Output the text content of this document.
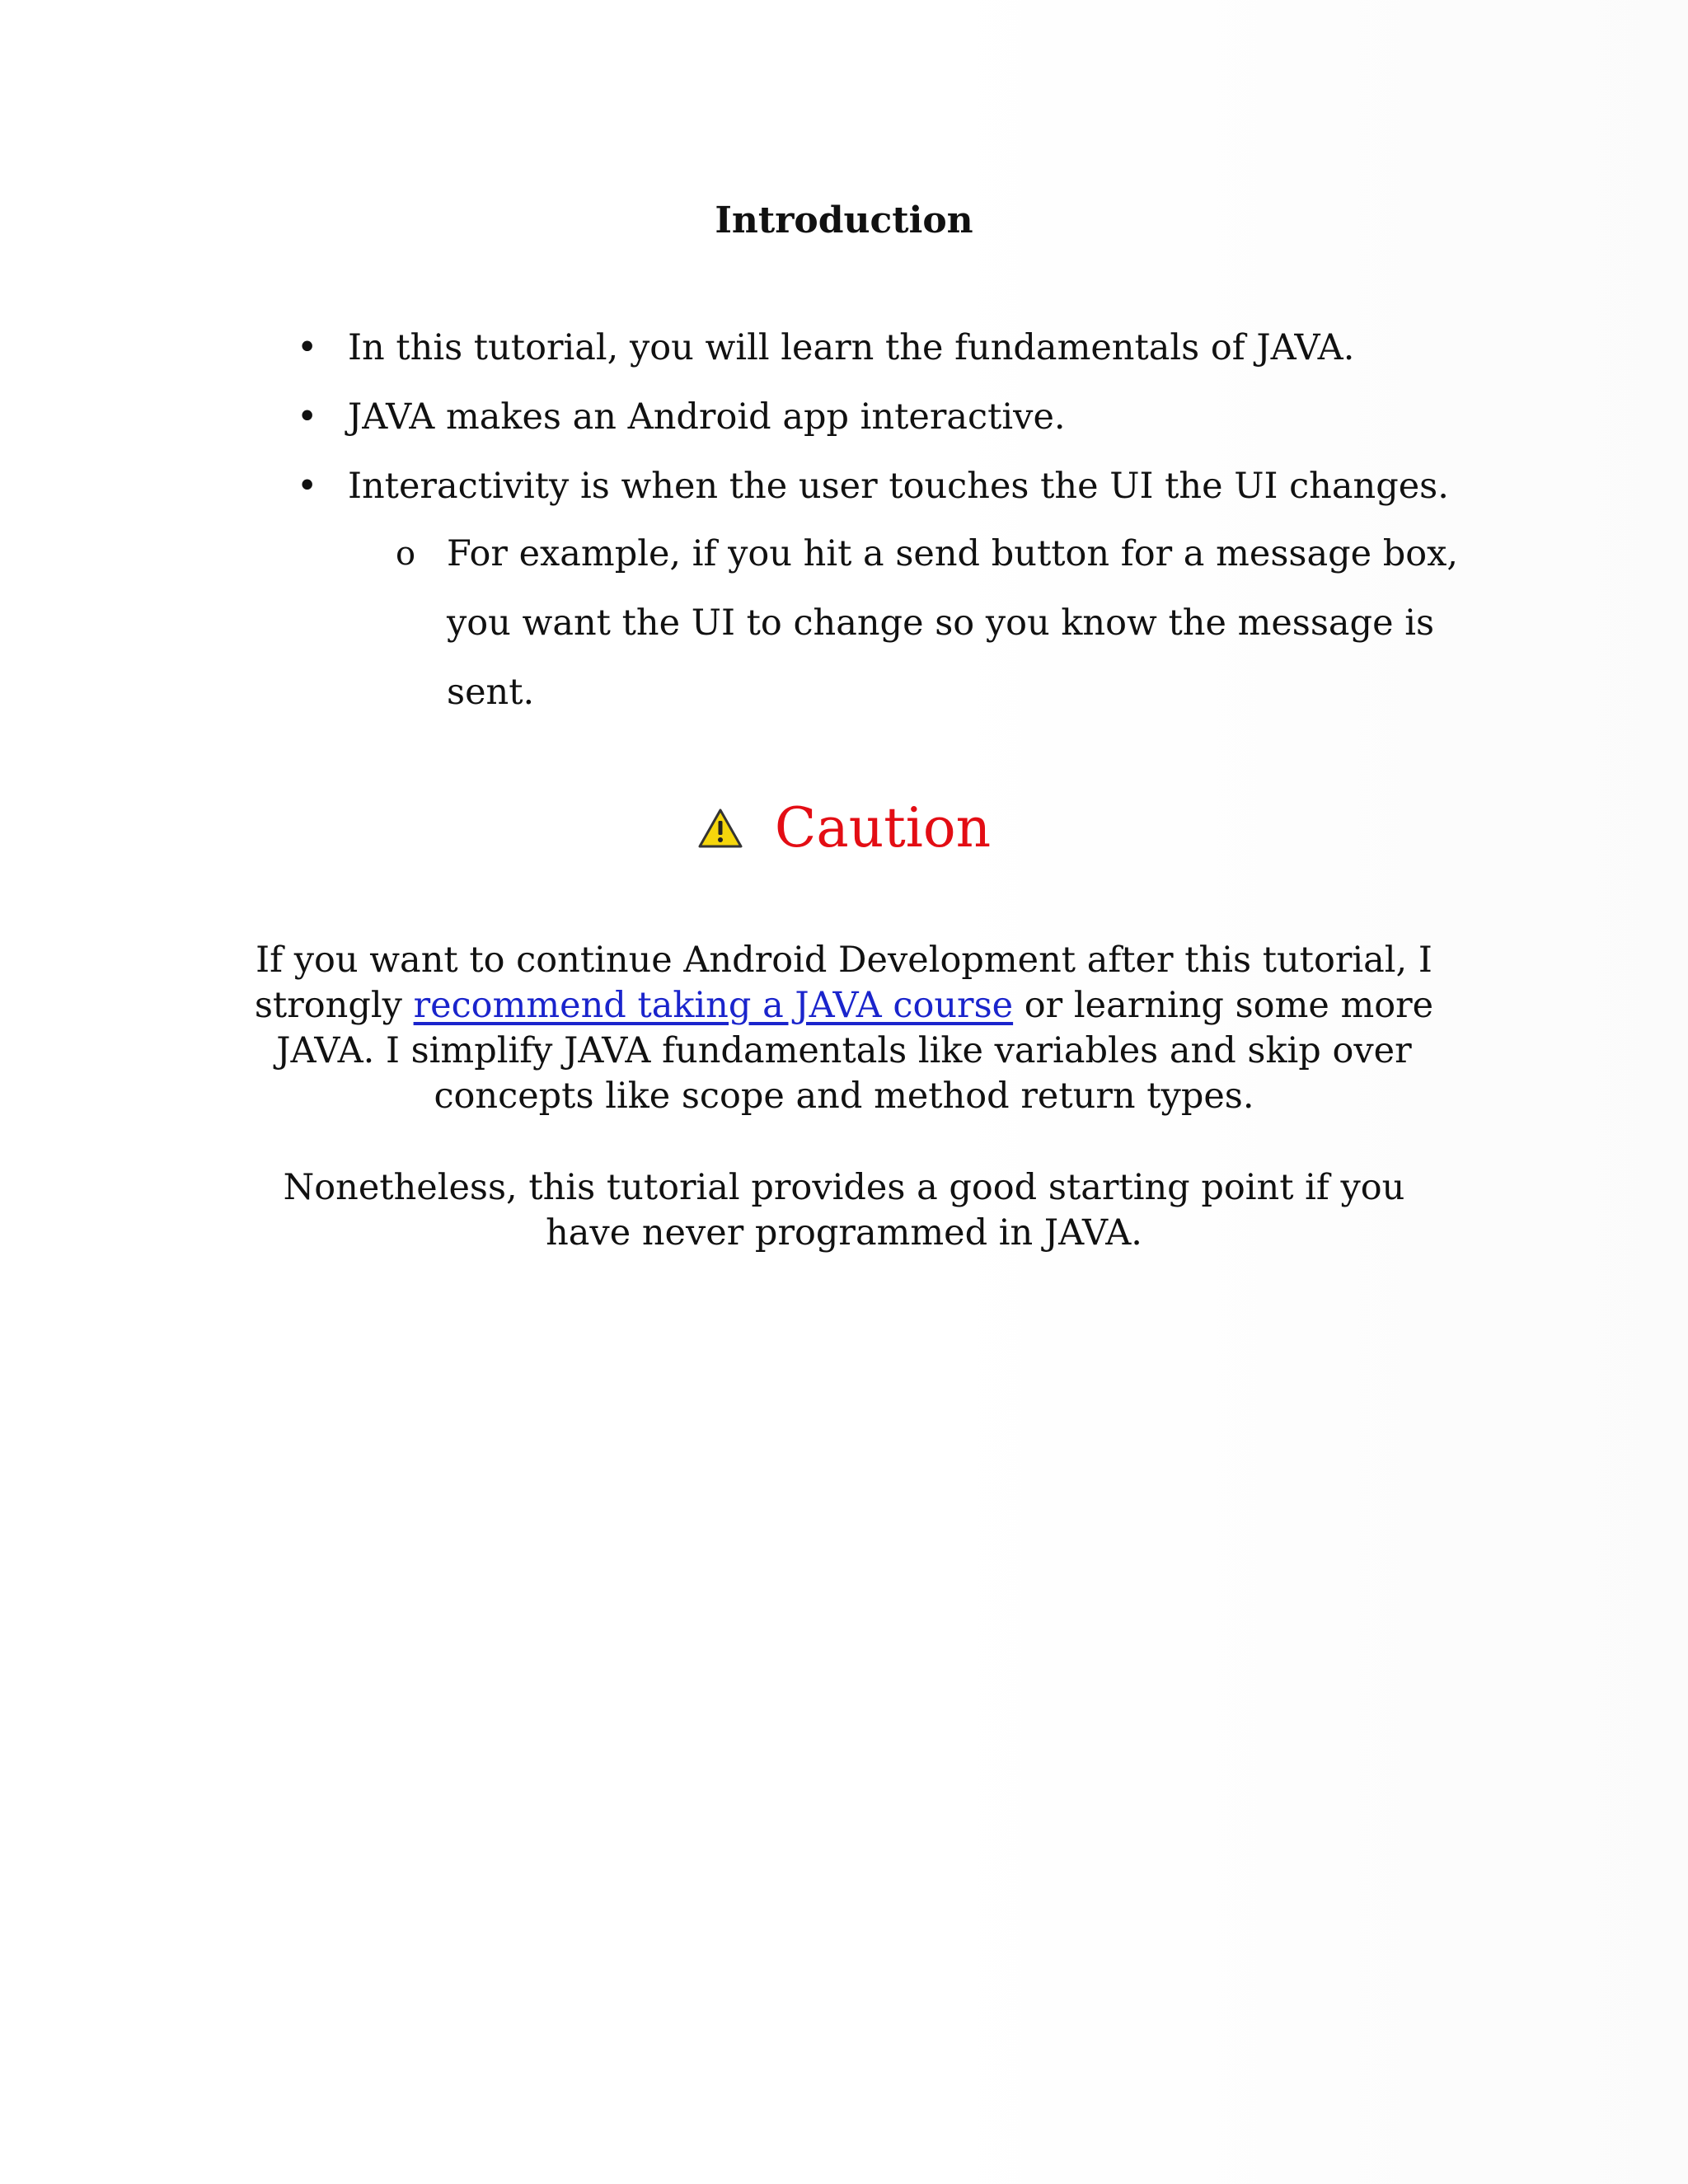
Introduction
• In this tutorial, you will learn the fundamentals of JAVA.
• JAVA makes an Android app interactive.
• Interactivity is when the user touches the UI the UI changes.
o For example, if you hit a send button for a message box, you want the UI to change so you know the message is sent.
Caution
If you want to continue Android Development after this tutorial, I strongly recommend taking a JAVA course or learning some more JAVA. I simplify JAVA fundamentals like variables and skip over concepts like scope and method return types.
Nonetheless, this tutorial provides a good starting point if you have never programmed in JAVA.
